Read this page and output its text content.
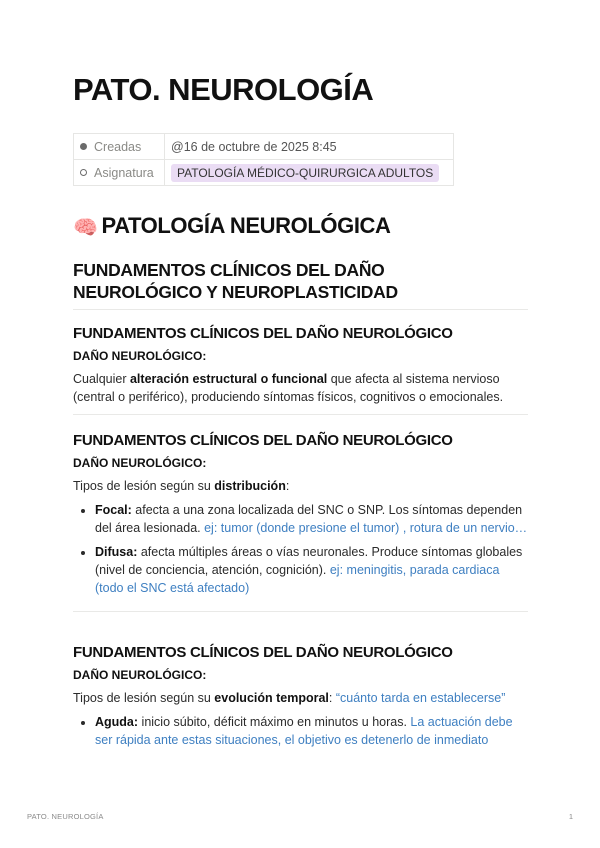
PATO. NEUROLOGÍA
Creadas	@16 de octubre de 2025 8:45
Asignatura	PATOLOGÍA MÉDICO-QUIRURGICA ADULTOS
🧠 PATOLOGÍA NEUROLÓGICA
FUNDAMENTOS CLÍNICOS DEL DAÑO
NEUROLÓGICO Y NEUROPLASTICIDAD
FUNDAMENTOS CLÍNICOS DEL DAÑO NEUROLÓGICO
DAÑO NEUROLÓGICO:

Cualquier alteración estructural o funcional que afecta al sistema nervioso (central o periférico), produciendo síntomas físicos, cognitivos o emocionales.

FUNDAMENTOS CLÍNICOS DEL DAÑO NEUROLÓGICO
DAÑO NEUROLÓGICO:

Tipos de lesión según su distribución:

• Focal: afecta a una zona localizada del SNC o SNP. Los síntomas dependen del área lesionada. ej: tumor (donde presione el tumor) , rotura de un nervio…
• Difusa: afecta múltiples áreas o vías neuronales. Produce síntomas globales (nivel de conciencia, atención, cognición). ej: meningitis, parada cardiaca (todo el SNC está afectado)
FUNDAMENTOS CLÍNICOS DEL DAÑO NEUROLÓGICO
DAÑO NEUROLÓGICO:

Tipos de lesión según su evolución temporal: “cuánto tarda en establecerse”

• Aguda: inicio súbito, déficit máximo en minutos u horas. La actuación debe ser rápida ante estas situaciones, el objetivo es detenerlo de inmediato
PATO. NEUROLOGÍA	1
